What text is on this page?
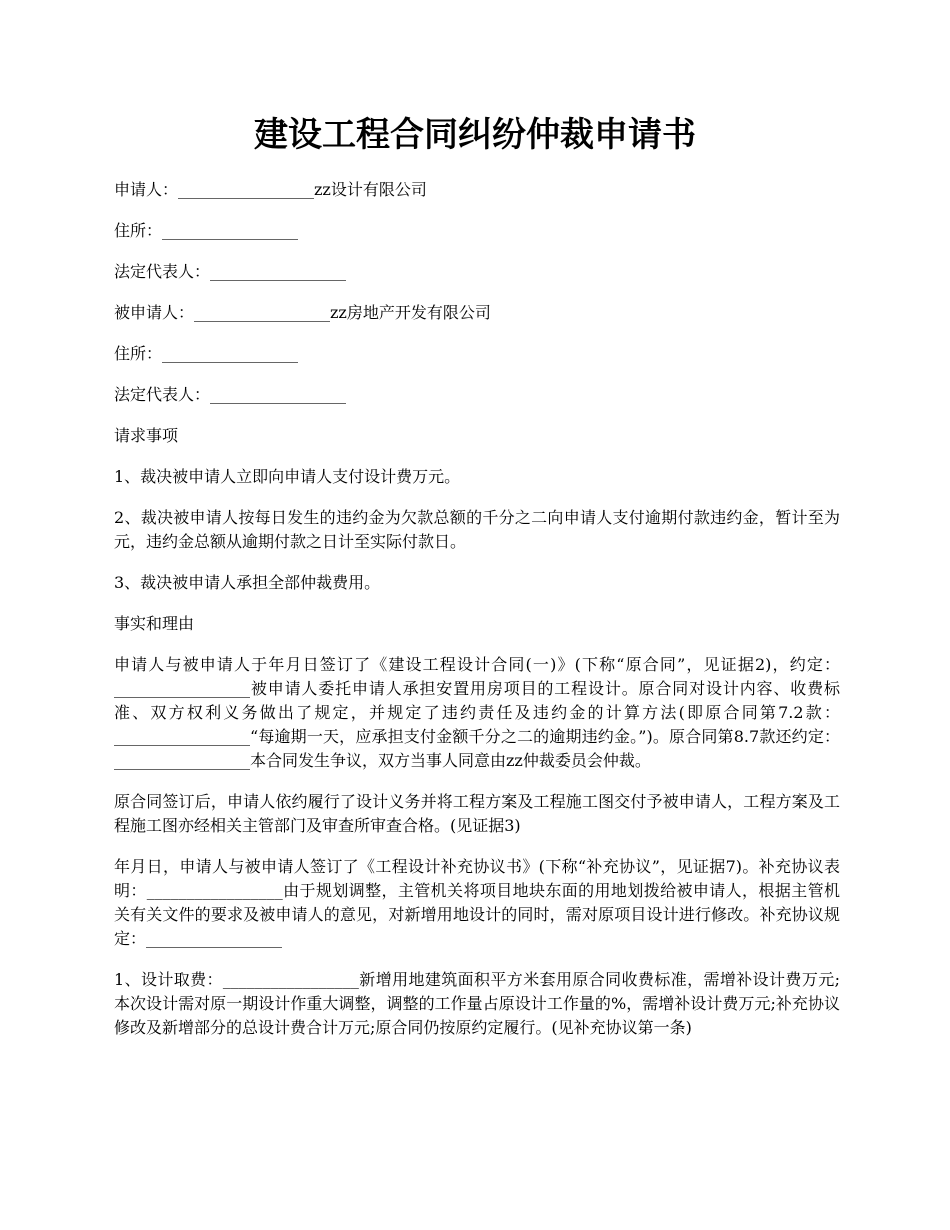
建设工程合同纠纷仲裁申请书

申请人：_________________zz设计有限公司

住所：_________________

法定代表人：_________________

被申请人：_________________zz房地产开发有限公司

住所：_________________

法定代表人：_________________

请求事项

1、裁决被申请人立即向申请人支付设计费万元。

2、裁决被申请人按每日发生的违约金为欠款总额的千分之二向申请人支付逾期付款违约金，暂计至为元，违约金总额从逾期付款之日计至实际付款日。

3、裁决被申请人承担全部仲裁费用。

事实和理由

申请人与被申请人于年月日签订了《建设工程设计合同(一)》(下称“原合同”，见证据2)，约定：_________________被申请人委托申请人承担安置用房项目的工程设计。原合同对设计内容、收费标准、双方权利义务做出了规定，并规定了违约责任及违约金的计算方法(即原合同第7.2款：_________________“每逾期一天，应承担支付金额千分之二的逾期违约金。”)。原合同第8.7款还约定：_________________本合同发生争议，双方当事人同意由zz仲裁委员会仲裁。

原合同签订后，申请人依约履行了设计义务并将工程方案及工程施工图交付予被申请人，工程方案及工程施工图亦经相关主管部门及审查所审查合格。(见证据3)

年月日，申请人与被申请人签订了《工程设计补充协议书》(下称“补充协议”，见证据7)。补充协议表明：_________________由于规划调整，主管机关将项目地块东面的用地划拨给被申请人，根据主管机关有关文件的要求及被申请人的意见，对新增用地设计的同时，需对原项目设计进行修改。补充协议规定：_________________

1、设计取费：_________________新增用地建筑面积平方米套用原合同收费标准，需增补设计费万元;本次设计需对原一期设计作重大调整，调整的工作量占原设计工作量的%，需增补设计费万元;补充协议修改及新增部分的总设计费合计万元;原合同仍按原约定履行。(见补充协议第一条)
